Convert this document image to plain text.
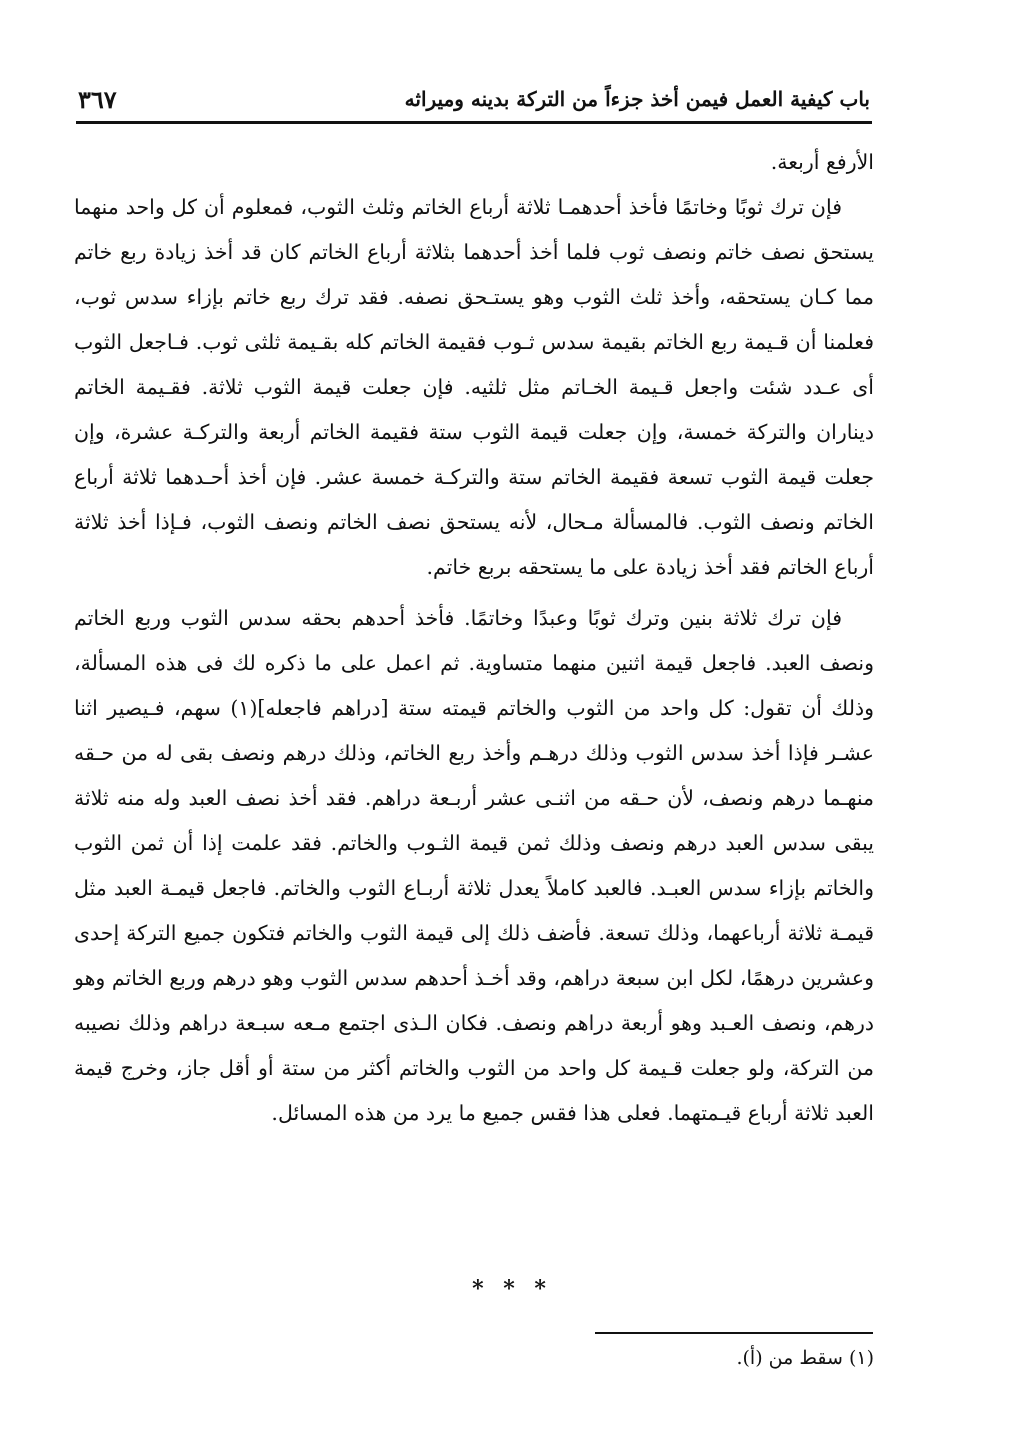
باب كيفية العمل فيمن أخذ جزءاً من التركة بدينه وميراثه
٣٦٧

الأرفع أربعة.

فإن ترك ثوبًا وخاتمًا فأخذ أحدهمـا ثلاثة أرباع الخاتم وثلث الثوب، فمعلوم أن كل واحد منهما يستحق نصف خاتم ونصف ثوب فلما أخذ أحدهما بثلاثة أرباع الخاتم كان قد أخذ زيادة ربع خاتم مما كـان يستحقه، وأخذ ثلث الثوب وهو يستـحق نصفه. فقد ترك ربع خاتم بإزاء سدس ثوب، فعلمنا أن قـيمة ربع الخاتم بقيمة سدس ثـوب فقيمة الخاتم كله بقـيمة ثلثى ثوب. فـاجعل الثوب أى عـدد شئت واجعل قـيمة الخـاتم مثل ثلثيه. فإن جعلت قيمة الثوب ثلاثة. فقـيمة الخاتم ديناران والتركة خمسة، وإن جعلت قيمة الثوب ستة فقيمة الخاتم أربعة والتركـة عشرة، وإن جعلت قيمة الثوب تسعة فقيمة الخاتم ستة والتركـة خمسة عشر. فإن أخذ أحـدهما ثلاثة أرباع الخاتم ونصف الثوب. فالمسألة مـحال، لأنه يستحق نصف الخاتم ونصف الثوب، فـإذا أخذ ثلاثة أرباع الخاتم فقد أخذ زيادة على ما يستحقه بربع خاتم.

فإن ترك ثلاثة بنين وترك ثوبًا وعبدًا وخاتمًا. فأخذ أحدهم بحقه سدس الثوب وربع الخاتم ونصف العبد. فاجعل قيمة اثنين منهما متساوية. ثم اعمل على ما ذكره لك فى هذه المسألة، وذلك أن تقول: كل واحد من الثوب والخاتم قيمته ستة [دراهم فاجعله](١) سهم، فـيصير اثنا عشـر فإذا أخذ سدس الثوب وذلك درهـم وأخذ ربع الخاتم، وذلك درهم ونصف بقى له من حـقه منهـما درهم ونصف، لأن حـقه من اثنـى عشر أربـعة دراهم. فقد أخذ نصف العبد وله منه ثلاثة يبقى سدس العبد درهم ونصف وذلك ثمن قيمة الثـوب والخاتم. فقد علمت إذا أن ثمن الثوب والخاتم بإزاء سدس العبـد. فالعبد كاملاً يعدل ثلاثة أربـاع الثوب والخاتم. فاجعل قيمـة العبد مثل قيمـة ثلاثة أرباعهما، وذلك تسعة. فأضف ذلك إلى قيمة الثوب والخاتم فتكون جميع التركة إحدى وعشرين درهمًا، لكل ابن سبعة دراهم، وقد أخـذ أحدهم سدس الثوب وهو درهم وربع الخاتم وهو درهم، ونصف العـبد وهو أربعة دراهم ونصف. فكان الـذى اجتمع مـعه سبـعة دراهم وذلك نصيبه من التركة، ولو جعلت قـيمة كل واحد من الثوب والخاتم أكثر من ستة أو أقل جاز، وخرج قيمة العبد ثلاثة أرباع قيـمتهما. فعلى هذا فقس جميع ما يرد من هذه المسائل.

* * *
(١) سقط من (أ).
